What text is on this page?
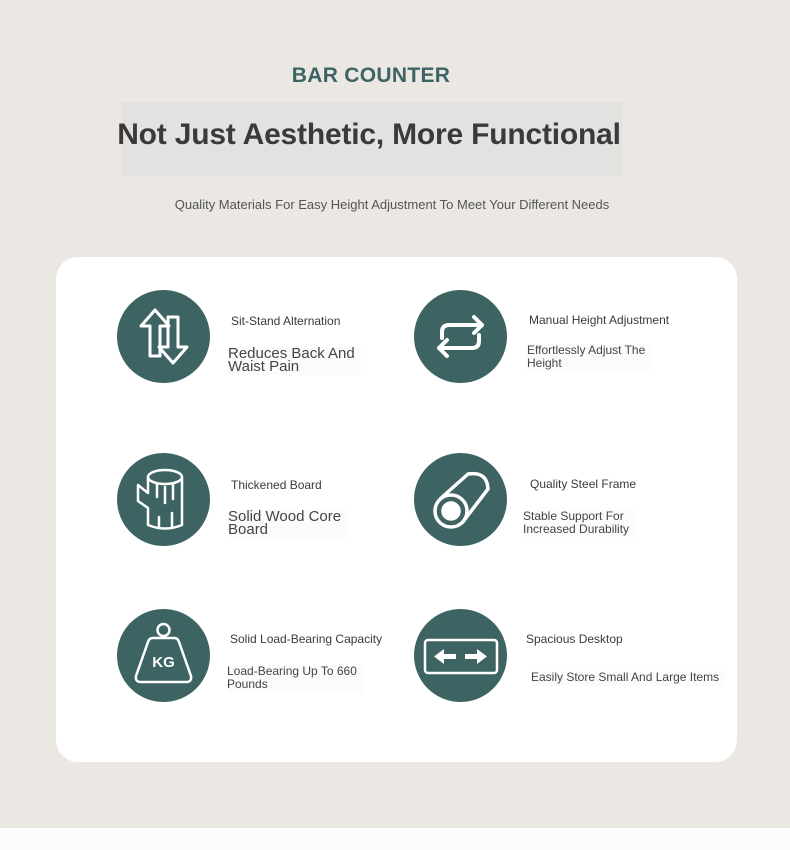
BAR COUNTER
Not Just Aesthetic, More Functional
Quality Materials For Easy Height Adjustment To Meet Your Different Needs
Sit-Stand Alternation
Reduces Back And
Waist Pain
Manual Height Adjustment
Effortlessly Adjust The
Height
Thickened Board
Solid Wood Core
Board
Quality Steel Frame
Stable Support For
Increased Durability
KG
Solid Load-Bearing Capacity
Load-Bearing Up To 660
Pounds
Spacious Desktop
Easily Store Small And Large Items
